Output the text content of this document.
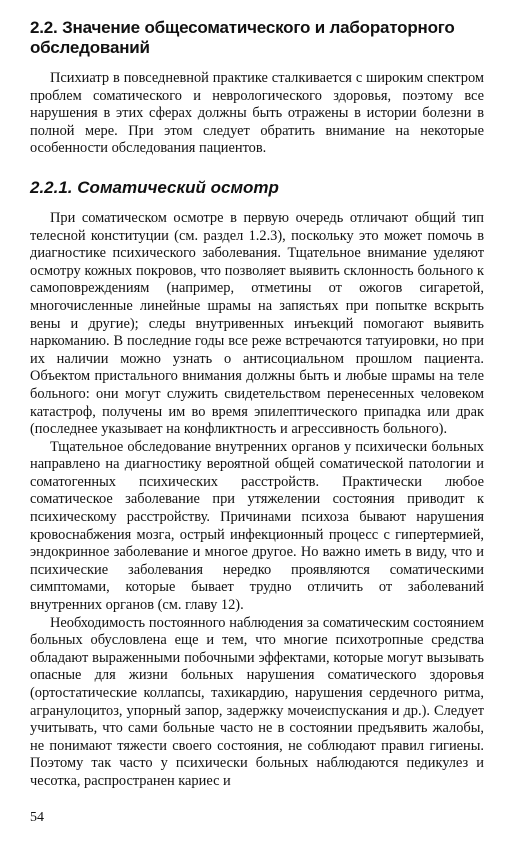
2.2. Значение общесоматического и лабораторного обследований

Психиатр в повседневной практике сталкивается с широким спектром проблем соматического и неврологического здоровья, поэтому все нарушения в этих сферах должны быть отражены в истории болезни в полной мере. При этом следует обратить внимание на некоторые особенности обследования пациентов.

2.2.1. Соматический осмотр

При соматическом осмотре в первую очередь отличают общий тип телесной конституции (см. раздел 1.2.3), поскольку это может помочь в диагностике психического заболевания. Тщательное внимание уделяют осмотру кожных покровов, что позволяет выявить склонность больного к самоповреждениям (например, отметины от ожогов сигаретой, многочисленные линейные шрамы на запястьях при попытке вскрыть вены и другие); следы внутривенных инъекций помогают выявить наркоманию. В последние годы все реже встречаются татуировки, но при их наличии можно узнать о антисоциальном прошлом пациента. Объектом пристального внимания должны быть и любые шрамы на теле больного: они могут служить свидетельством перенесенных человеком катастроф, получены им во время эпилептического припадка или драк (последнее указывает на конфликтность и агрессивность больного).

Тщательное обследование внутренних органов у психически больных направлено на диагностику вероятной общей соматической патологии и соматогенных психических расстройств. Практически любое соматическое заболевание при утяжелении состояния приводит к психическому расстройству. Причинами психоза бывают нарушения кровоснабжения мозга, острый инфекционный процесс с гипертермией, эндокринное заболевание и многое другое. Но важно иметь в виду, что и психические заболевания нередко проявляются соматическими симптомами, которые бывает трудно отличить от заболеваний внутренних органов (см. главу 12).

Необходимость постоянного наблюдения за соматическим состоянием больных обусловлена еще и тем, что многие психотропные средства обладают выраженными побочными эффектами, которые могут вызывать опасные для жизни больных нарушения соматического здоровья (ортостатические коллапсы, тахикардию, нарушения сердечного ритма, агранулоцитоз, упорный запор, задержку мочеиспускания и др.). Следует учитывать, что сами больные часто не в состоянии предъявить жалобы, не понимают тяжести своего состояния, не соблюдают правил гигиены. Поэтому так часто у психически больных наблюдаются педикулез и чесотка, распространен кариес и

54
